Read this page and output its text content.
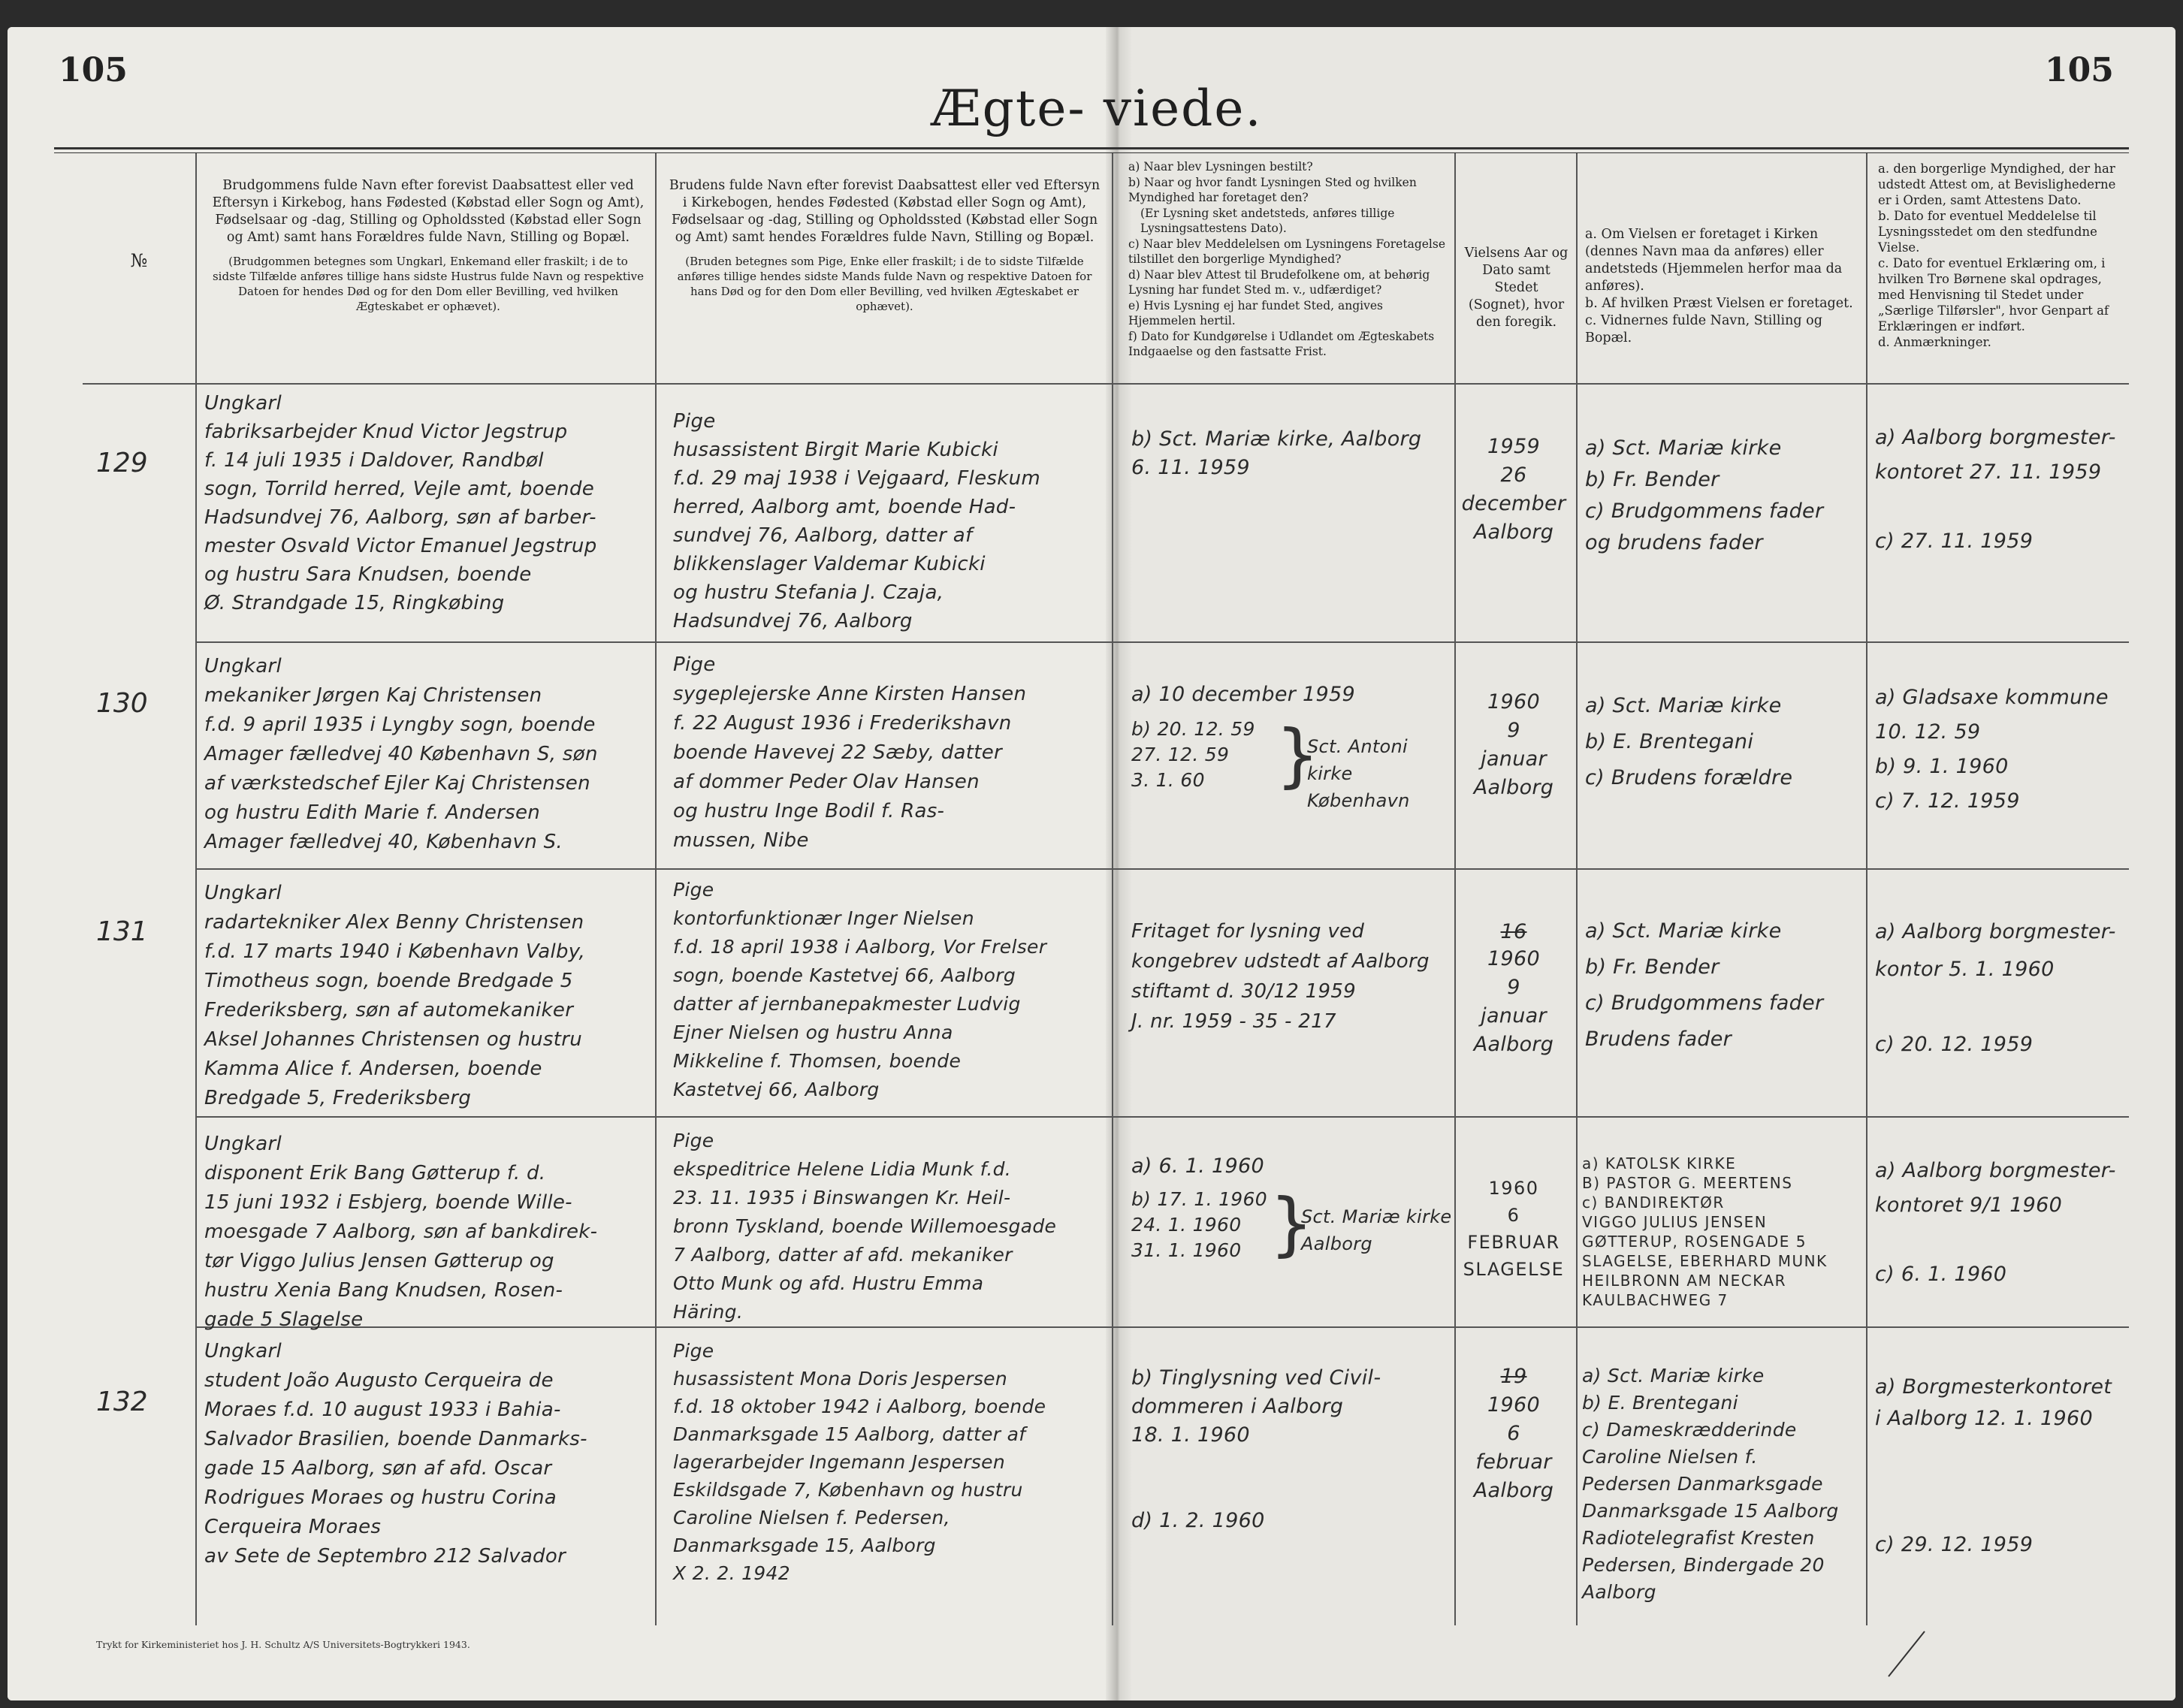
105	105
Ægte- viede.
№
Brudgommens fulde Navn efter forevist Daabsattest eller ved Eftersyn i Kirkebog, hans Fødested (Købstad eller Sogn og Amt), Fødselsaar og -dag, Stilling og Opholdssted (Købstad eller Sogn og Amt) samt hans Forældres fulde Navn, Stilling og Bopæl.
(Brudgommen betegnes som Ungkarl, Enkemand eller fraskilt; i de to sidste Tilfælde anføres tillige hans sidste Hustrus fulde Navn og respektive Datoen for hendes Død og for den Dom eller Bevilling, ved hvilken Ægteskabet er ophævet).
Brudens fulde Navn efter forevist Daabsattest eller ved Eftersyn i Kirkebogen, hendes Fødested (Købstad eller Sogn og Amt), Fødselsaar og -dag, Stilling og Opholdssted (Købstad eller Sogn og Amt) samt hendes Forældres fulde Navn, Stilling og Bopæl.
(Bruden betegnes som Pige, Enke eller fraskilt; i de to sidste Tilfælde anføres tillige hendes sidste Mands fulde Navn og respektive Datoen for hans Død og for den Dom eller Bevilling, ved hvilken Ægteskabet er ophævet).
a) Naar blev Lysningen bestilt?
b) Naar og hvor fandt Lysningen Sted og hvilken Myndighed har foretaget den?
(Er Lysning sket andetsteds, anføres tillige Lysningsattestens Dato).
c) Naar blev Meddelelsen om Lysningens Foretagelse tilstillet den borgerlige Myndighed?
d) Naar blev Attest til Brudefolkene om, at behørig Lysning har fundet Sted m. v., udfærdiget?
e) Hvis Lysning ej har fundet Sted, angives Hjemmelen hertil.
f) Dato for Kundgørelse i Udlandet om Ægteskabets Indgaaelse og den fastsatte Frist.
Vielsens Aar og Dato samt Stedet (Sognet), hvor den foregik.
a. Om Vielsen er foretaget i Kirken (dennes Navn maa da anføres) eller andetsteds (Hjemmelen herfor maa da anføres).
b. Af hvilken Præst Vielsen er foretaget.
c. Vidnernes fulde Navn, Stilling og Bopæl.
a. den borgerlige Myndighed, der har udstedt Attest om, at Bevislighederne er i Orden, samt Attestens Dato.
b. Dato for eventuel Meddelelse til Lysningsstedet om den stedfundne Vielse.
c. Dato for eventuel Erklæring om, i hvilken Tro Børnene skal opdrages, med Henvisning til Stedet under „Særlige Tilførsler", hvor Genpart af Erklæringen er indført.
d. Anmærkninger.
129
Ungkarl
fabriksarbejder Knud Victor Jegstrup
f. 14 juli 1935 i Daldover, Randbøl
sogn, Torrild herred, Vejle amt, boende
Hadsundvej 76, Aalborg, søn af barber-
mester Osvald Victor Emanuel Jegstrup
og hustru Sara Knudsen, boende
Ø. Strandgade 15, Ringkøbing
Pige
husassistent Birgit Marie Kubicki
f.d. 29 maj 1938 i Vejgaard, Fleskum
herred, Aalborg amt, boende Had-
sundvej 76, Aalborg, datter af
blikkenslager Valdemar Kubicki
og hustru Stefania J. Czaja,
Hadsundvej 76, Aalborg
b) Sct. Mariæ kirke, Aalborg
6. 11. 1959
1959
26
december
Aalborg
a) Sct. Mariæ kirke
b) Fr. Bender
c) Brudgommens fader
og brudens fader
a) Aalborg borgmester-
kontoret 27. 11. 1959

c) 27. 11. 1959
130
Ungkarl
mekaniker Jørgen Kaj Christensen
f.d. 9 april 1935 i Lyngby sogn, boende
Amager fælledvej 40 København S, søn
af værkstedschef Ejler Kaj Christensen
og hustru Edith Marie f. Andersen
Amager fælledvej 40, København S.
Pige
sygeplejerske Anne Kirsten Hansen
f. 22 August 1936 i Frederikshavn
boende Havevej 22 Sæby, datter
af dommer Peder Olav Hansen
og hustru Inge Bodil f. Ras-
mussen, Nibe
a) 10 december 1959
b) 20. 12. 59
27. 12. 59
3. 1. 60	}
Sct. Antoni kirke
København
1960
9
januar
Aalborg
a) Sct. Mariæ kirke
b) E. Brentegani
c) Brudens forældre
a) Gladsaxe kommune
10. 12. 59
b) 9. 1. 1960
c) 7. 12. 1959
131
Ungkarl
radartekniker Alex Benny Christensen
f.d. 17 marts 1940 i København Valby,
Timotheus sogn, boende Bredgade 5
Frederiksberg, søn af automekaniker
Aksel Johannes Christensen og hustru
Kamma Alice f. Andersen, boende
Bredgade 5, Frederiksberg
Pige
kontorfunktionær Inger Nielsen
f.d. 18 april 1938 i Aalborg, Vor Frelser
sogn, boende Kastetvej 66, Aalborg
datter af jernbanepakmester Ludvig
Ejner Nielsen og hustru Anna
Mikkeline f. Thomsen, boende
Kastetvej 66, Aalborg
Fritaget for lysning ved
kongebrev udstedt af Aalborg
stiftamt d. 30/12 1959
J. nr. 1959 - 35 - 217
16
1960
9
januar
Aalborg
a) Sct. Mariæ kirke
b) Fr. Bender
c) Brudgommens fader
Brudens fader
a) Aalborg borgmester-
kontor 5. 1. 1960

c) 20. 12. 1959
Ungkarl
disponent Erik Bang Gøtterup f. d.
15 juni 1932 i Esbjerg, boende Wille-
moesgade 7 Aalborg, søn af bankdirek-
tør Viggo Julius Jensen Gøtterup og
hustru Xenia Bang Knudsen, Rosen-
gade 5 Slagelse
Pige
ekspeditrice Helene Lidia Munk f.d.
23. 11. 1935 i Binswangen Kr. Heil-
bronn Tyskland, boende Willemoesgade
7 Aalborg, datter af afd. mekaniker
Otto Munk og afd. Hustru Emma
Häring.
a) 6. 1. 1960
b) 17. 1. 1960
24. 1. 1960
31. 1. 1960 }
Sct. Mariæ kirke
Aalborg
1960
6
FEBRUAR
SLAGELSE
a) KATOLSK KIRKE
B) PASTOR G. MEERTENS
c) BANDIREKTØR
VIGGO JULIUS JENSEN
GØTTERUP, ROSENGADE 5
SLAGELSE, EBERHARD MUNK
HEILBRONN AM NECKAR
KAULBACHWEG 7
a) Aalborg borgmester-
kontoret 9/1 1960

c) 6. 1. 1960
132
Ungkarl
student João Augusto Cerqueira de
Moraes f.d. 10 august 1933 i Bahia-
Salvador Brasilien, boende Danmarks-
gade 15 Aalborg, søn af afd. Oscar
Rodrigues Moraes og hustru Corina
Cerqueira Moraes
av Sete de Septembro 212 Salvador
Pige
husassistent Mona Doris Jespersen
f.d. 18 oktober 1942 i Aalborg, boende
Danmarksgade 15 Aalborg, datter af
lagerarbejder Ingemann Jespersen
Eskildsgade 7, København og hustru
Caroline Nielsen f. Pedersen,
Danmarksgade 15, Aalborg
X 2. 2. 1942
b) Tinglysning ved Civil-
dommeren i Aalborg
18. 1. 1960

d) 1. 2. 1960
19
1960
6
februar
Aalborg
a) Sct. Mariæ kirke
b) E. Brentegani
c) Dameskrædderinde
Caroline Nielsen f.
Pedersen Danmarksgade
Danmarksgade 15 Aalborg
Radiotelegrafist Kresten
Pedersen, Bindergade 20
Aalborg
a) Borgmesterkontoret
i Aalborg 12. 1. 1960

c) 29. 12. 1959
Trykt for Kirkeministeriet hos J. H. Schultz A/S Universitets-Bogtrykkeri 1943.
